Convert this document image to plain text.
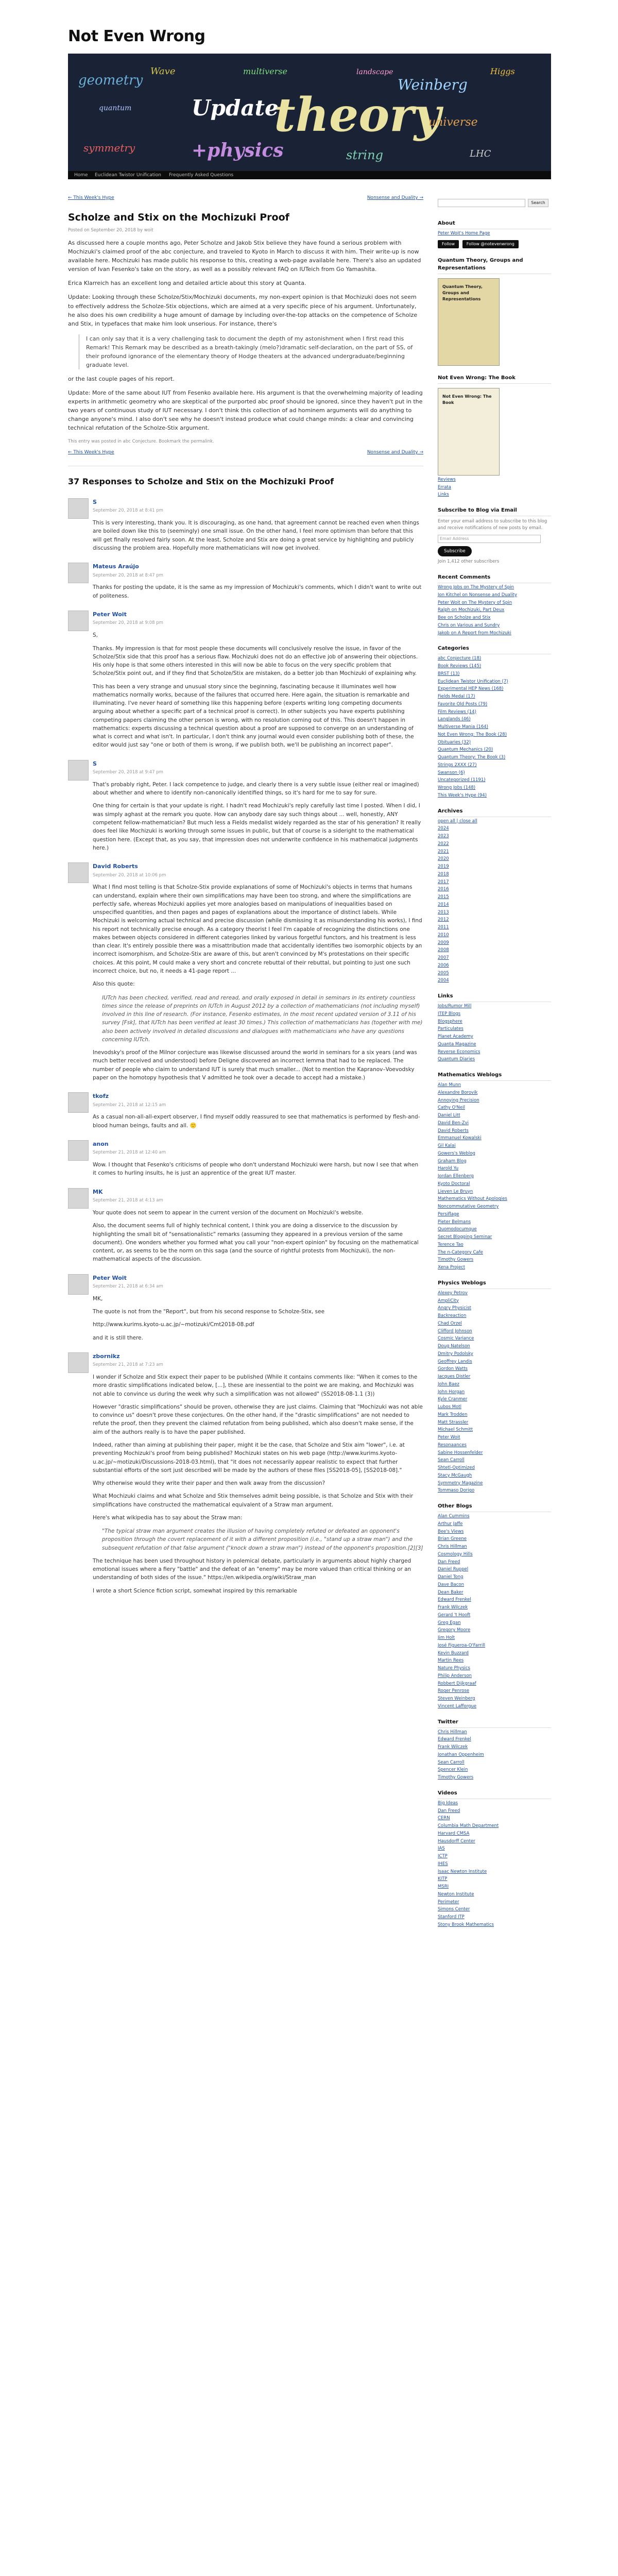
Not Even Wrong
geometry
Wave
Update
theory
Weinberg
universe
+physics	string
symmetry	LHC
Higgs
quantum
multiverse	landscape
Home Euclidean Twistor Unification Frequently Asked Questions
← This Week's Hype	Nonsense and Duality →
Scholze and Stix on the Mochizuki Proof
Posted on September 20, 2018 by woit
As discussed here a couple months ago, Peter Scholze and Jakob Stix believe they have found a serious problem with Mochizuki's claimed proof of the abc conjecture, and traveled to Kyoto in March to discuss it with him. Their write-up is now available here. Mochizuki has made public his response to this, creating a web-page available here. There's also an updated version of Ivan Fesenko's take on the story, as well as a possibly relevant FAQ on IUTeich from Go Yamashita.
Erica Klarreich has an excellent long and detailed article about this story at Quanta.
Update: Looking through these Scholze/Stix/Mochizuki documents, my non-expert opinion is that Mochizuki does not seem to effectively address the Scholze-Stix objections, which are aimed at a very specific piece of his argument. Unfortunately, he also does his own credibility a huge amount of damage by including over-the-top attacks on the competence of Scholze and Stix, in typefaces that make him look unserious. For instance, there's
I can only say that it is a very challenging task to document the depth of my astonishment when I first read this Remark! This Remark may be described as a breath-takingly (melo?)dramatic self-declaration, on the part of SS, of their profound ignorance of the elementary theory of Hodge theaters at the advanced undergraduate/beginning graduate level.
or the last couple pages of his report.
Update: More of the same about IUT from Fesenko available here. His argument is that the overwhelming majority of leading experts in arithmetic geometry who are skeptical of the purported abc proof should be ignored, since they haven't put in the two years of continuous study of IUT necessary. I don't think this collection of ad hominem arguments will do anything to change anyone's mind. I also don't see why he doesn't instead produce what could change minds: a clear and convincing technical refutation of the Scholze-Stix argument.
This entry was posted in abc Conjecture. Bookmark the permalink.
← This Week's Hype	Nonsense and Duality →
37 Responses to Scholze and Stix on the Mochizuki Proof
S
September 20, 2018 at 8:41 pm
This is very interesting, thank you. It is discouraging, as one hand, that agreement cannot be reached even when things are boiled down like this to (seemingly) one small issue. On the other hand, I feel more optimism than before that this will get finally resolved fairly soon. At the least, Scholze and Stix are doing a great service by highlighting and publicly discussing the problem area. Hopefully more mathematicians will now get involved.
Mateus Araújo
September 20, 2018 at 8:47 pm
Thanks for posting the update, it is the same as my impression of Mochizuki's comments, which I didn't want to write out of politeness.
Peter Woit
September 20, 2018 at 9:08 pm
S,
Thanks. My impression is that for most people these documents will conclusively resolve the issue, in favor of the Scholze/Stix side that this proof has a serious flaw. Mochizuki does not do an effective job of answering their objections. His only hope is that some others interested in this will now be able to focus on the very specific problem that Scholze/Stix point out, and if they find that Scholze/Stix are mistaken, do a better job than Mochizuki of explaining why.
This has been a very strange and unusual story since the beginning, fascinating because it illuminates well how mathematics normally works, because of the failures that occurred here. Here again, the situation is remarkable and illuminating. I've never heard of something like this happening before (experts writing long competing documents arguing about whether a specific part of a technical proof is correct). In other subjects you have experts publishing competing papers claiming the other person is wrong, with no resolution coming out of this. This doesn't happen in mathematics: experts discussing a technical question about a proof are supposed to converge on an understanding of what is correct and what isn't. In particular, I don't think any journal would even consider publishing both of these, the editor would just say "one or both of them is wrong, if we publish both, we'll be publishing an incorrect paper".
S
September 20, 2018 at 9:47 pm
That's probably right, Peter. I lack competence to judge, and clearly there is a very subtle issue (either real or imagined) about whether and where to identify non-canonically identified things, so it's hard for me to say for sure.
One thing for certain is that your update is right. I hadn't read Mochizuki's reply carefully last time I posted. When I did, I was simply aghast at the remark you quote. How can anybody dare say such things about ... well, honestly, ANY competent fellow-mathematician? But much less a Fields medalist widely regarded as the star of his generation? It really does feel like Mochizuki is working through some issues in public, but that of course is a sideright to the mathematical question here. (Except that, as you say, that impression does not underwrite confidence in his mathematical judgments here.)
David Roberts
September 20, 2018 at 10:06 pm
What I find most telling is that Scholze-Stix provide explanations of some of Mochizuki's objects in terms that humans can understand, explain where their own simplifications may have been too strong, and where the simplifications are perfectly safe, whereas Mochizuki applies yet more analogies based on manipulations of inequalities based on unspecified quantities, and then pages and pages of explanations about the importance of distinct labels. While Mochizuki is welcoming actual technical and precise discussion (while dismissing it as misunderstanding his works), I find his report not technically precise enough. As a category theorist I feel I'm capable of recognizing the distinctions one makes between objects considered in different categories linked by various forgetful functors, and his treatment is less than clear. It's entirely possible there was a misattribution made that accidentally identifies two isomorphic objects by an incorrect isomorphism, and Scholze-Stix are aware of this, but aren't convinced by M's protestations on their specific choices. At this point, M could make a very short and concrete rebuttal of their rebuttal, but pointing to just one such incorrect choice, but no, it needs a 41-page report ...
Also this quote:
IUTch has been checked, verified, read and reread, and orally exposed in detail in seminars in its entirety countless times since the release of preprints on IUTch in August 2012 by a collection of mathematicians (not including myself) involved in this line of research. (For instance, Fesenko estimates, in the most recent updated version of 3.11 of his survey [Fsk], that IUTch has been verified at least 30 times.) This collection of mathematicians has (together with me) also been actively involved in detailed discussions and dialogues with mathematicians who have any questions concerning IUTch.
Inevodsky's proof of the Milnor conjecture was likewise discussed around the world in seminars for a six years (and was much better received and understood) before Deligne discovered an incorrect lemma that had to be replaced. The number of people who claim to understand IUT is surely that much smaller... (Not to mention the Kapranov–Voevodsky paper on the homotopy hypothesis that V admitted he took over a decade to accept had a mistake.)
tkofz
September 21, 2018 at 12:15 am
As a casual non-all-all-expert observer, I find myself oddly reassured to see that mathematics is performed by flesh-and-blood human beings, faults and all. 🙂
anon
September 21, 2018 at 12:40 am
Wow. I thought that Fesenko's criticisms of people who don't understand Mochizuki were harsh, but now I see that when it comes to hurling insults, he is just an apprentice of the great IUT master.
MK
September 21, 2018 at 4:13 am
Your quote does not seem to appear in the current version of the document on Mochizuki's website.
Also, the document seems full of highly technical content, I think you are doing a disservice to the discussion by highlighting the small bit of "sensationalistic" remarks (assuming they appeared in a previous version of the same document). One wonders whether you formed what you call your "non-expert opinion" by focusing on the mathematical content, or, as seems to be the norm on this saga (and the source of rightful protests from Mochizuki), the non-mathematical aspects of the discussion.
Peter Woit
September 21, 2018 at 6:34 am
MK,
The quote is not from the "Report", but from his second response to Scholze-Stix, see
http://www.kurims.kyoto-u.ac.jp/~motizuki/Cmt2018-08.pdf
and it is still there.
zbornikz
September 21, 2018 at 7:23 am
I wonder if Scholze and Stix expect their paper to be published (While it contains comments like: "When it comes to the more drastic simplifications indicated below, [...], these are inessential to the point we are making, and Mochizuki was not able to convince us during the week why such a simplification was not allowed" (SS2018-08-1.1 (3))
However "drastic simplifications" should be proven, otherwise they are just claims. Claiming that "Mochizuki was not able to convince us" doesn't prove these conjectures. On the other hand, if the "drastic simplifications" are not needed to refute the proof, then they prevent the claimed refutation from being published, which also doesn't make sense, if the aim of the authors really is to have the paper published.
Indeed, rather than aiming at publishing their paper, might it be the case, that Scholze and Stix aim "lower", i.e. at preventing Mochizuki's proof from being published? Mochizuki states on his web page (http://www.kurims.kyoto-u.ac.jp/~motizuki/Discussions-2018-03.html), that "it does not necessarily appear realistic to expect that further substantial efforts of the sort just described will be made by the authors of these files [SS2018-05], [SS2018-08]."
Why otherwise would they write their paper and then walk away from the discussion?
What Mochizuki claims and what Scholze and Stix themselves admit being possible, is that Scholze and Stix with their simplifications have constructed the mathematical equivalent of a Straw man argument.
Here's what wikipedia has to say about the Straw man:
"The typical straw man argument creates the illusion of having completely refuted or defeated an opponent's proposition through the covert replacement of it with a different proposition (i.e., "stand up a straw man") and the subsequent refutation of that false argument ("knock down a straw man") instead of the opponent's proposition.[2][3]
The technique has been used throughout history in polemical debate, particularly in arguments about highly charged emotional issues where a fiery "battle" and the defeat of an "enemy" may be more valued than critical thinking or an understanding of both sides of the issue." https://en.wikipedia.org/wiki/Straw_man
I wrote a short Science fiction script, somewhat inspired by this remarkable
Search
About
Peter Woit's Home Page
Follow	Follow @notevenwrong
Quantum Theory, Groups and Representations
Quantum Theory, Groups and Representations
Not Even Wrong: The Book
Not Even Wrong: The Book
Reviews
Errata
Links
Subscribe to Blog via Email
Enter your email address to subscribe to this blog and receive notifications of new posts by email.
Email Address
Subscribe
Join 1,412 other subscribers
Recent Comments
Wrong Jobs on The Mystery of Spin
Jon Kitchel on Nonsense and Duality
Peter Woit on The Mystery of Spin
Ralph on Mochizuki, Part Deux
Bee on Scholze and Stix
Chris on Various and Sundry
Jakob on A Report from Mochizuki
Categories
abc Conjecture (18)
Book Reviews (145)
BRST (13)
Euclidean Twistor Unification (7)
Experimental HEP News (168)
Fields Medal (17)
Favorite Old Posts (79)
Film Reviews (14)
Langlands (46)
Multiverse Mania (164)
Not Even Wrong: The Book (28)
Obituaries (32)
Quantum Mechanics (20)
Quantum Theory: The Book (3)
Strings 2XXX (27)
Swanson (6)
Uncategorized (1191)
Wrong Jobs (148)
This Week's Hype (94)
Archives
open all | close all
2024
2023
2022
2021
2020
2019
2018
2017
2016
2015
2014
2013
2012
2011
2010
2009
2008
2007
2006
2005
2004
Links
Jobs/Rumor Mill
ITEP Blogs
Blogsphere
Particulates
Planet Academy
Quanta Magazine
Reverse Economics
Quantum Diaries
Mathematics Weblogs
Alan Munn
Alexandre Borovik
Annoying Precision
Cathy O'Neil
Daniel Litt
David Ben-Zvi
David Roberts
Emmanuel Kowalski
Gil Kalai
Gowers's Weblog
Graham Blog
Harold Yu
Jordan Ellenberg
Kyoto Doctoral
Lieven Le Bruyn
Mathematics Without Apologies
Noncommutative Geometry
Persiflage
Pieter Belmans
Quomodocumque
Secret Blogging Seminar
Terence Tao
The n-Category Cafe
Timothy Gowers
Xena Project
Physics Weblogs
Alexey Petrov
AmpliCity
Angry Physicist
Backreaction
Chad Orzel
Clifford Johnson
Cosmic Variance
Doug Natelson
Dmitry Podolsky
Geoffrey Landis
Gordon Watts
Jacques Distler
John Baez
John Horgan
Kyle Cranmer
Lubos Motl
Mark Trodden
Matt Strassler
Michael Schmitt
Peter Woit
Resonaances
Sabine Hossenfelder
Sean Carroll
Shtetl-Optimized
Stacy McGaugh
Symmetry Magazine
Tommaso Dorigo
Other Blogs
Alan Cummins
Arthur Jaffe
Bee's Views
Brian Greene
Chris Hillman
Cosmology Hills
Dan Freed
Daniel Ruppel
Daniel Tong
Dave Bacon
Dean Baker
Edward Frenkel
Frank Wilczek
Gerard 't Hooft
Greg Egan
Gregory Moore
Jim Holt
José Figueroa-O'Farrill
Kevin Buzzard
Martin Rees
Nature Physics
Philip Anderson
Robbert Dijkgraaf
Roger Penrose
Steven Weinberg
Vincent Lafforgue
Twitter
Chris Hillman
Edward Frenkel
Frank Wilczek
Jonathan Oppenheim
Sean Carroll
Spencer Klein
Timothy Gowers
Videos
Big Ideas
Dan Freed
CERN
Columbia Math Department
Harvard CMSA
Hausdorff Center
IAS
ICTP
IHES
Isaac Newton Institute
KITP
MSRI
Newton Institute
Perimeter
Simons Center
Stanford ITP
Stony Brook Mathematics
